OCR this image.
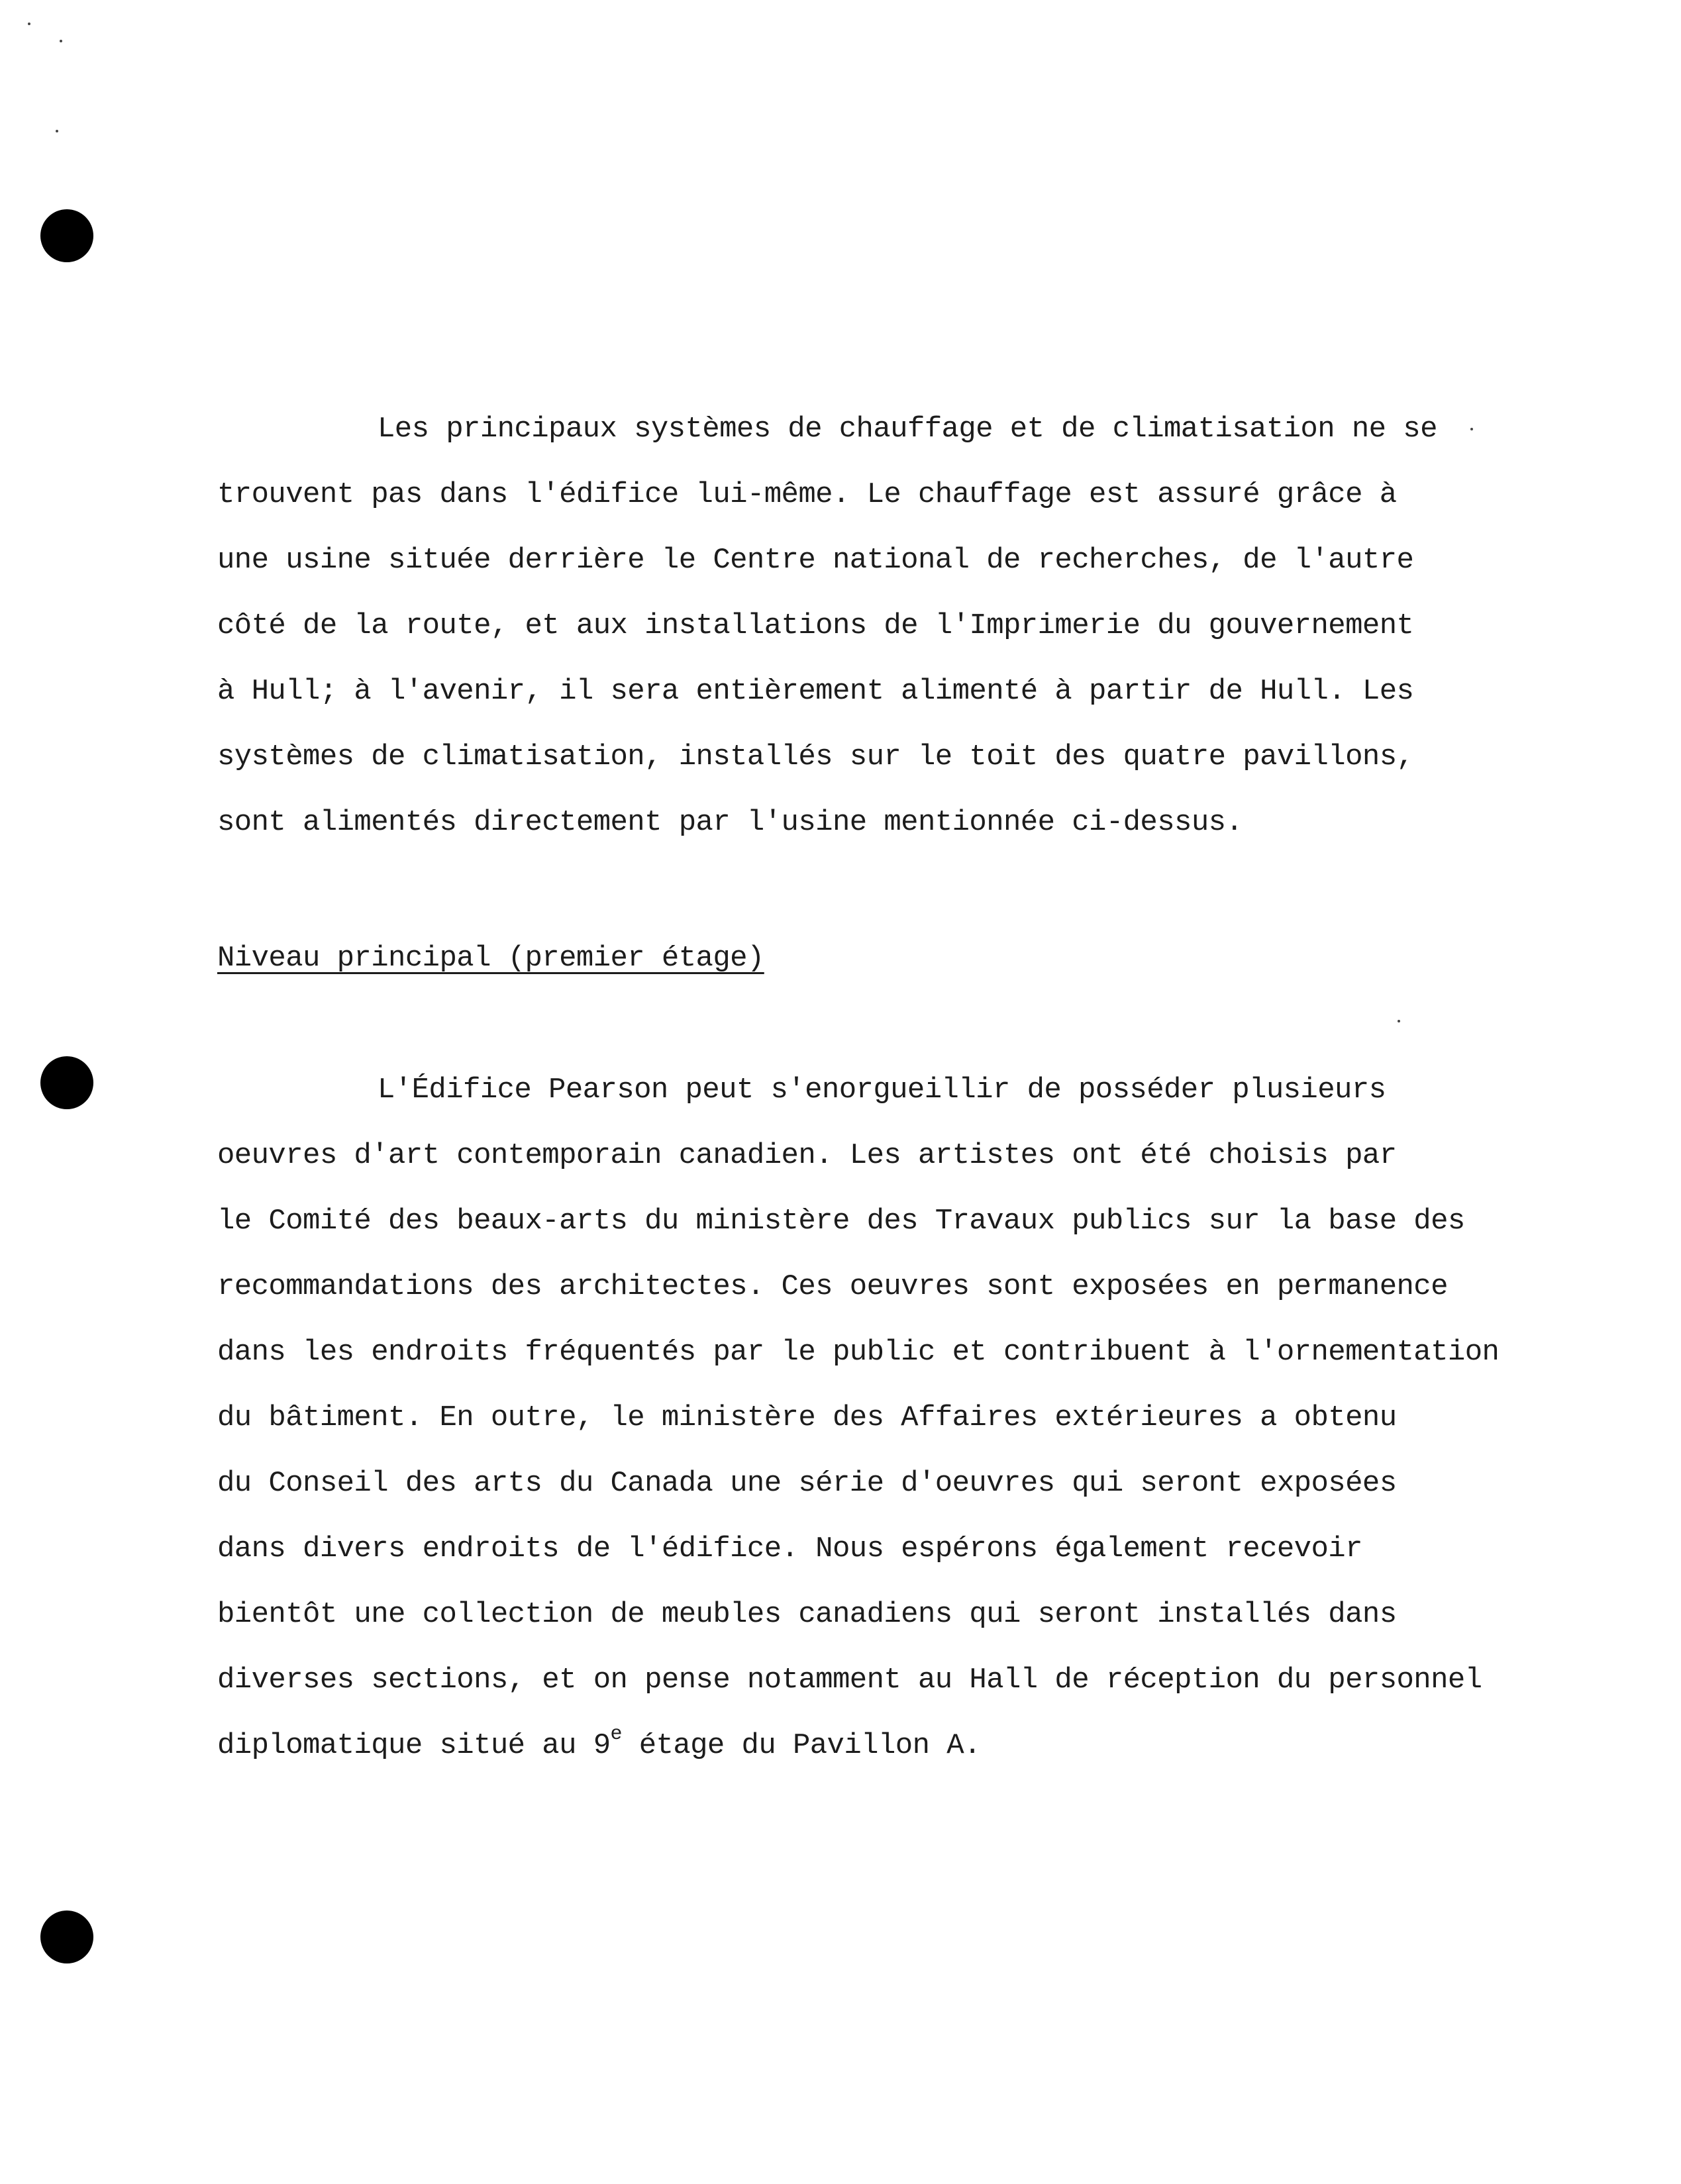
Les principaux systèmes de chauffage et de climatisation ne se
trouvent pas dans l'édifice lui-même. Le chauffage est assuré grâce à
une usine située derrière le Centre national de recherches, de l'autre
côté de la route, et aux installations de l'Imprimerie du gouvernement
à Hull; à l'avenir, il sera entièrement alimenté à partir de Hull. Les
systèmes de climatisation, installés sur le toit des quatre pavillons,
sont alimentés directement par l'usine mentionnée ci-dessus.
Niveau principal (premier étage)
L'Édifice Pearson peut s'enorgueillir de posséder plusieurs
oeuvres d'art contemporain canadien. Les artistes ont été choisis par
le Comité des beaux-arts du ministère des Travaux publics sur la base des
recommandations des architectes. Ces oeuvres sont exposées en permanence
dans les endroits fréquentés par le public et contribuent à l'ornementation
du bâtiment. En outre, le ministère des Affaires extérieures a obtenu
du Conseil des arts du Canada une série d'oeuvres qui seront exposées
dans divers endroits de l'édifice. Nous espérons également recevoir
bientôt une collection de meubles canadiens qui seront installés dans
diverses sections, et on pense notamment au Hall de réception du personnel
diplomatique situé au 9e étage du Pavillon A.
